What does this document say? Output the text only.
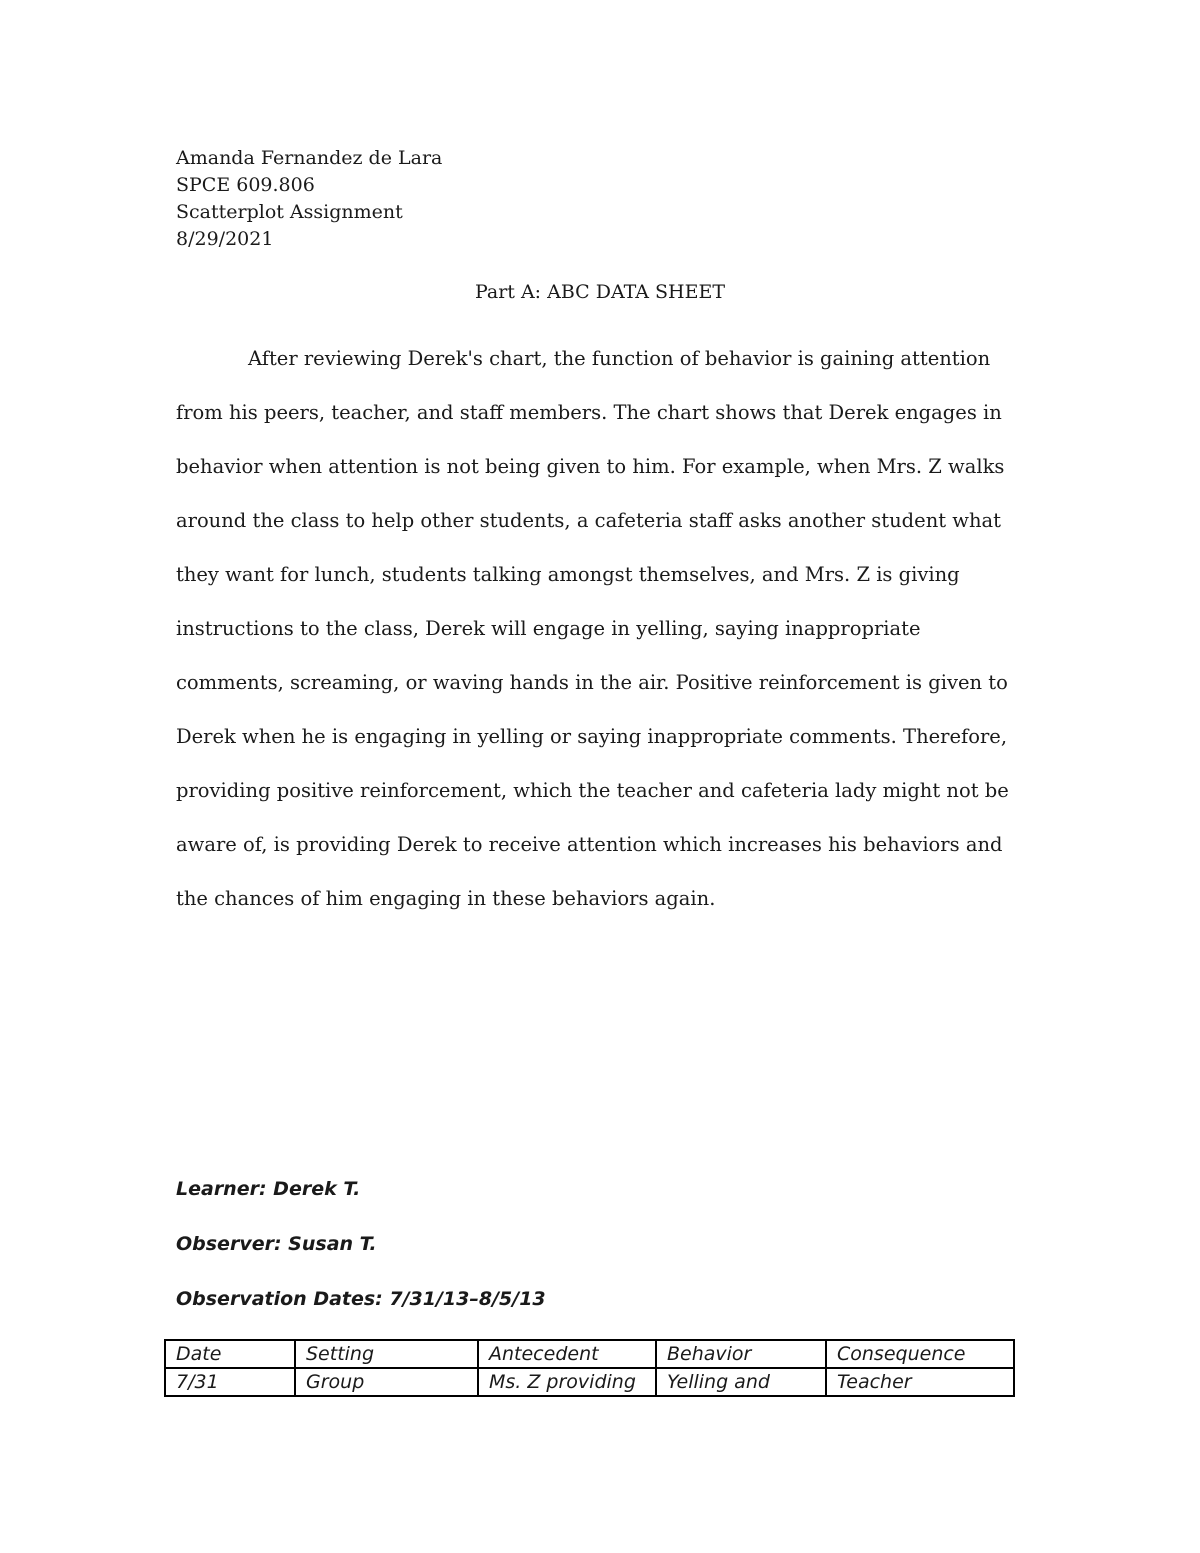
Amanda Fernandez de Lara
SPCE 609.806
Scatterplot Assignment
8/29/2021
Part A: ABC DATA SHEET

After reviewing Derek's chart, the function of behavior is gaining attention from his peers, teacher, and staff members. The chart shows that Derek engages in behavior when attention is not being given to him. For example, when Mrs. Z walks around the class to help other students, a cafeteria staff asks another student what they want for lunch, students talking amongst themselves, and Mrs. Z is giving instructions to the class, Derek will engage in yelling, saying inappropriate comments, screaming, or waving hands in the air. Positive reinforcement is given to Derek when he is engaging in yelling or saying inappropriate comments. Therefore, providing positive reinforcement, which the teacher and cafeteria lady might not be aware of, is providing Derek to receive attention which increases his behaviors and the chances of him engaging in these behaviors again.

Learner: Derek T.
Observer: Susan T.
Observation Dates: 7/31/13–8/5/13
Date	Setting	Antecedent	Behavior	Consequence
7/31	Group	Ms. Z providing	Yelling and	Teacher
